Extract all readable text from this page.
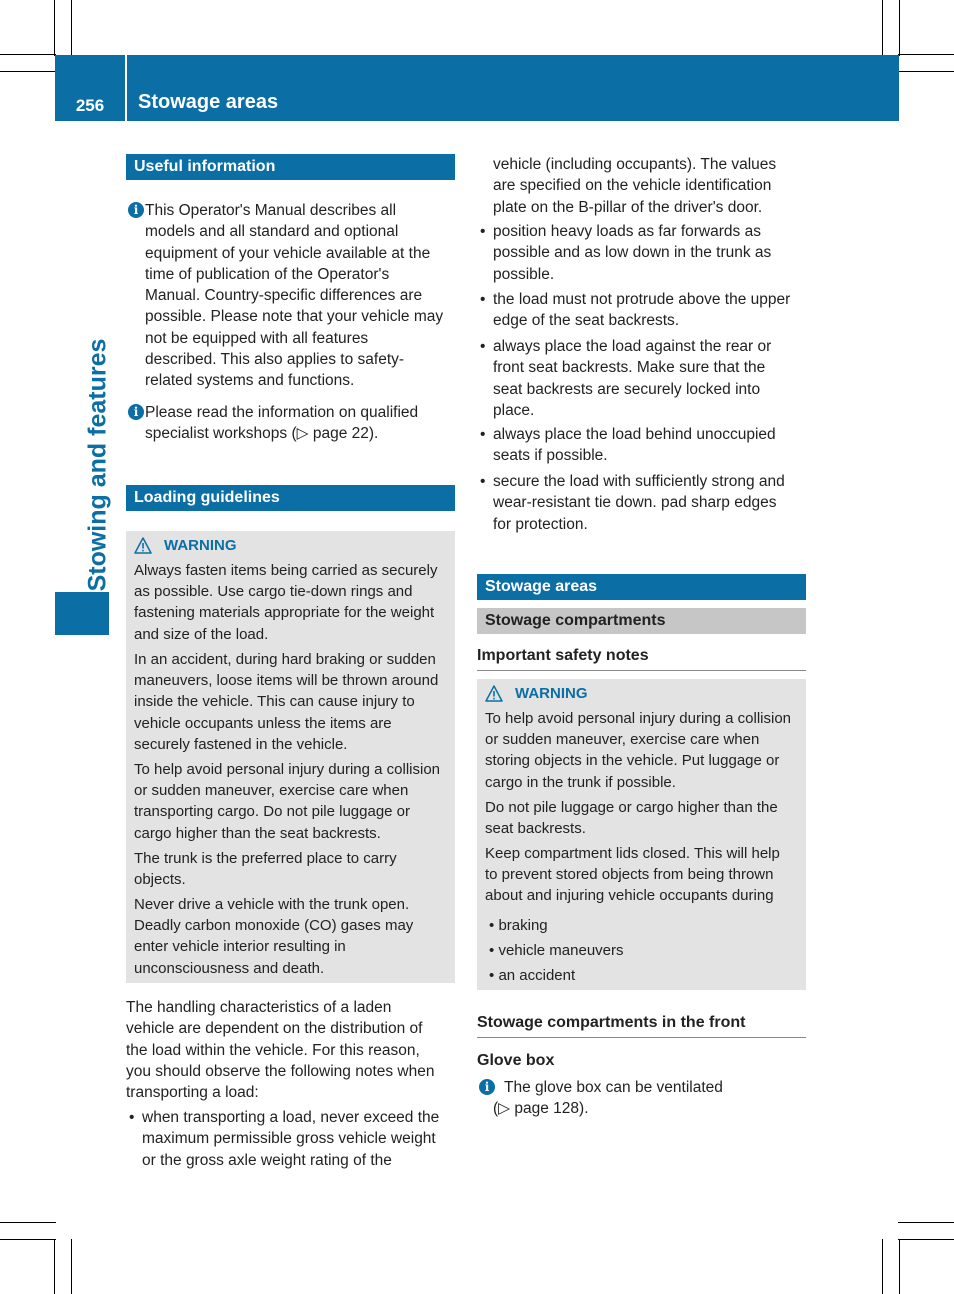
256	Stowage areas
Stowing and features
Useful information
i This Operator's Manual describes all
models and all standard and optional
equipment of your vehicle available at the
time of publication of the Operator's
Manual. Country-specific differences are
possible. Please note that your vehicle may
not be equipped with all features
described. This also applies to safety-
related systems and functions.
i Please read the information on qualified
specialist workshops (▷ page 22).
Loading guidelines
WARNING
Always fasten items being carried as securely
as possible. Use cargo tie-down rings and
fastening materials appropriate for the weight
and size of the load.
In an accident, during hard braking or sudden
maneuvers, loose items will be thrown around
inside the vehicle. This can cause injury to
vehicle occupants unless the items are
securely fastened in the vehicle.
To help avoid personal injury during a collision
or sudden maneuver, exercise care when
transporting cargo. Do not pile luggage or
cargo higher than the seat backrests.
The trunk is the preferred place to carry
objects.
Never drive a vehicle with the trunk open.
Deadly carbon monoxide (CO) gases may
enter vehicle interior resulting in
unconsciousness and death.
The handling characteristics of a laden
vehicle are dependent on the distribution of
the load within the vehicle. For this reason,
you should observe the following notes when
transporting a load:
• when transporting a load, never exceed the
maximum permissible gross vehicle weight
or the gross axle weight rating of the
vehicle (including occupants). The values
are specified on the vehicle identification
plate on the B-pillar of the driver's door.
• position heavy loads as far forwards as
possible and as low down in the trunk as
possible.
• the load must not protrude above the upper
edge of the seat backrests.
• always place the load against the rear or
front seat backrests. Make sure that the
seat backrests are securely locked into
place.
• always place the load behind unoccupied
seats if possible.
• secure the load with sufficiently strong and
wear-resistant tie down. pad sharp edges
for protection.
Stowage areas
Stowage compartments
Important safety notes
WARNING
To help avoid personal injury during a collision
or sudden maneuver, exercise care when
storing objects in the vehicle. Put luggage or
cargo in the trunk if possible.
Do not pile luggage or cargo higher than the
seat backrests.
Keep compartment lids closed. This will help
to prevent stored objects from being thrown
about and injuring vehicle occupants during
• braking
• vehicle maneuvers
• an accident
Stowage compartments in the front
Glove box
i The glove box can be ventilated
(▷ page 128).
